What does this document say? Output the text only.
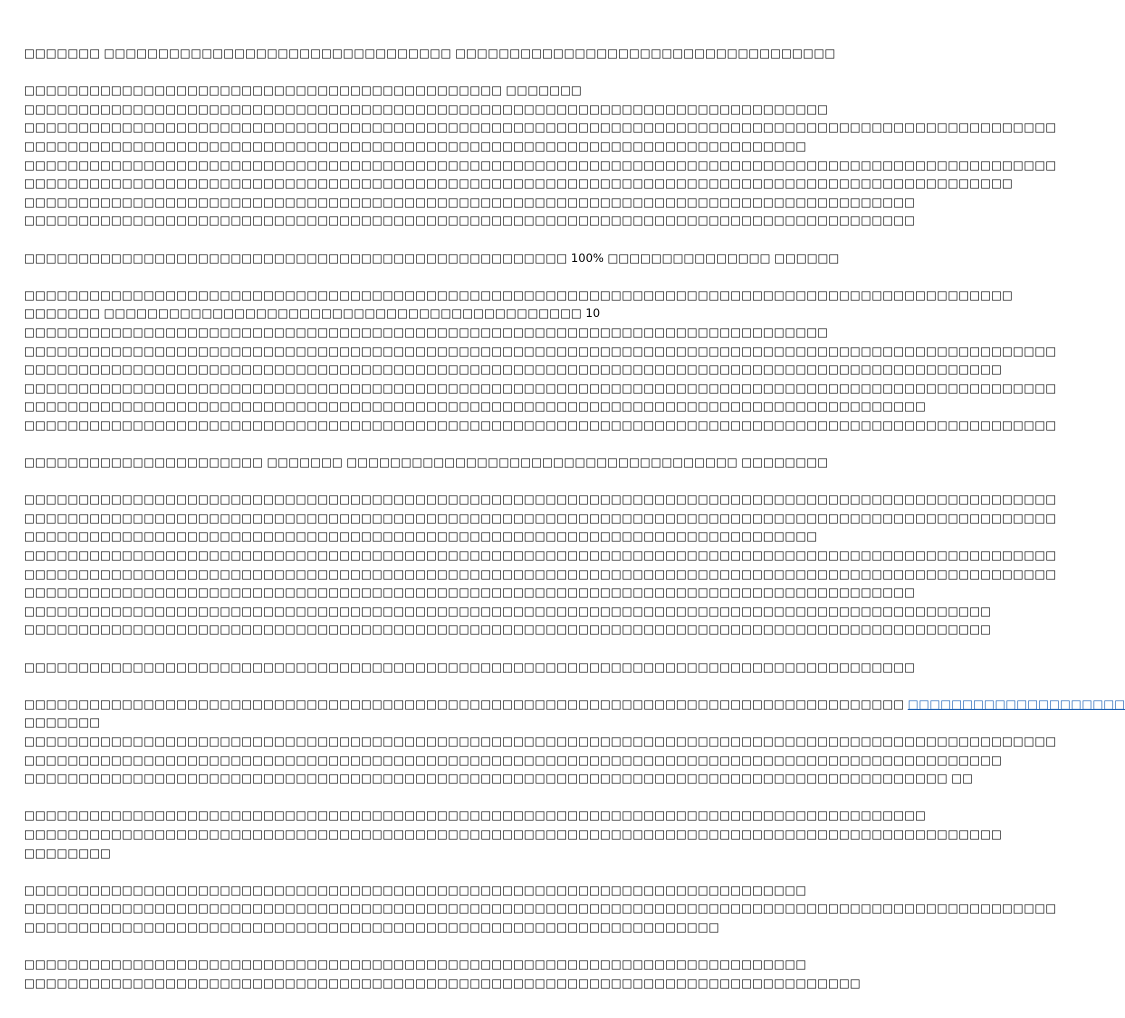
□□□□□□□ □□□□□□□□□□□□□□□□□□□□□□□□□□□□□□□□ □□□□□□□□□□□□□□□□□□□□□□□□□□□□□□□□□□□

□□□□□□□□□□□□□□□□□□□□□□□□□□□□□□□□□□□□□□□□□□□□ □□□□□□□
□□□□□□□□□□□□□□□□□□□□□□□□□□□□□□□□□□□□□□□□□□□□□□□□□□□□□□□□□□□□□□□□□□□□□□□□□□
□□□□□□□□□□□□□□□□□□□□□□□□□□□□□□□□□□□□□□□□□□□□□□□□□□□□□□□□□□□□□□□□□□□□□□□□□□□□□□□□□□□□□□□□□□□□□□□
□□□□□□□□□□□□□□□□□□□□□□□□□□□□□□□□□□□□□□□□□□□□□□□□□□□□□□□□□□□□□□□□□□□□□□□□
□□□□□□□□□□□□□□□□□□□□□□□□□□□□□□□□□□□□□□□□□□□□□□□□□□□□□□□□□□□□□□□□□□□□□□□□□□□□□□□□□□□□□□□□□□□□□□□
□□□□□□□□□□□□□□□□□□□□□□□□□□□□□□□□□□□□□□□□□□□□□□□□□□□□□□□□□□□□□□□□□□□□□□□□□□□□□□□□□□□□□□□□□□□
□□□□□□□□□□□□□□□□□□□□□□□□□□□□□□□□□□□□□□□□□□□□□□□□□□□□□□□□□□□□□□□□□□□□□□□□□□□□□□□□□□
□□□□□□□□□□□□□□□□□□□□□□□□□□□□□□□□□□□□□□□□□□□□□□□□□□□□□□□□□□□□□□□□□□□□□□□□□□□□□□□□□□

□□□□□□□□□□□□□□□□□□□□□□□□□□□□□□□□□□□□□□□□□□□□□□□□□□ 100% □□□□□□□□□□□□□□□ □□□□□□

□□□□□□□□□□□□□□□□□□□□□□□□□□□□□□□□□□□□□□□□□□□□□□□□□□□□□□□□□□□□□□□□□□□□□□□□□□□□□□□□□□□□□□□□□□□
□□□□□□□ □□□□□□□□□□□□□□□□□□□□□□□□□□□□□□□□□□□□□□□□□□□□ 10
□□□□□□□□□□□□□□□□□□□□□□□□□□□□□□□□□□□□□□□□□□□□□□□□□□□□□□□□□□□□□□□□□□□□□□□□□□
□□□□□□□□□□□□□□□□□□□□□□□□□□□□□□□□□□□□□□□□□□□□□□□□□□□□□□□□□□□□□□□□□□□□□□□□□□□□□□□□□□□□□□□□□□□□□□□
□□□□□□□□□□□□□□□□□□□□□□□□□□□□□□□□□□□□□□□□□□□□□□□□□□□□□□□□□□□□□□□□□□□□□□□□□□□□□□□□□□□□□□□□□□
□□□□□□□□□□□□□□□□□□□□□□□□□□□□□□□□□□□□□□□□□□□□□□□□□□□□□□□□□□□□□□□□□□□□□□□□□□□□□□□□□□□□□□□□□□□□□□□
□□□□□□□□□□□□□□□□□□□□□□□□□□□□□□□□□□□□□□□□□□□□□□□□□□□□□□□□□□□□□□□□□□□□□□□□□□□□□□□□□□□
□□□□□□□□□□□□□□□□□□□□□□□□□□□□□□□□□□□□□□□□□□□□□□□□□□□□□□□□□□□□□□□□□□□□□□□□□□□□□□□□□□□□□□□□□□□□□□□

□□□□□□□□□□□□□□□□□□□□□□ □□□□□□□ □□□□□□□□□□□□□□□□□□□□□□□□□□□□□□□□□□□□ □□□□□□□□

□□□□□□□□□□□□□□□□□□□□□□□□□□□□□□□□□□□□□□□□□□□□□□□□□□□□□□□□□□□□□□□□□□□□□□□□□□□□□□□□□□□□□□□□□□□□□□□
□□□□□□□□□□□□□□□□□□□□□□□□□□□□□□□□□□□□□□□□□□□□□□□□□□□□□□□□□□□□□□□□□□□□□□□□□□□□□□□□□□□□□□□□□□□□□□□
□□□□□□□□□□□□□□□□□□□□□□□□□□□□□□□□□□□□□□□□□□□□□□□□□□□□□□□□□□□□□□□□□□□□□□□□□
□□□□□□□□□□□□□□□□□□□□□□□□□□□□□□□□□□□□□□□□□□□□□□□□□□□□□□□□□□□□□□□□□□□□□□□□□□□□□□□□□□□□□□□□□□□□□□□
□□□□□□□□□□□□□□□□□□□□□□□□□□□□□□□□□□□□□□□□□□□□□□□□□□□□□□□□□□□□□□□□□□□□□□□□□□□□□□□□□□□□□□□□□□□□□□□
□□□□□□□□□□□□□□□□□□□□□□□□□□□□□□□□□□□□□□□□□□□□□□□□□□□□□□□□□□□□□□□□□□□□□□□□□□□□□□□□□□
□□□□□□□□□□□□□□□□□□□□□□□□□□□□□□□□□□□□□□□□□□□□□□□□□□□□□□□□□□□□□□□□□□□□□□□□□□□□□□□□□□□□□□□□□
□□□□□□□□□□□□□□□□□□□□□□□□□□□□□□□□□□□□□□□□□□□□□□□□□□□□□□□□□□□□□□□□□□□□□□□□□□□□□□□□□□□□□□□□□

□□□□□□□□□□□□□□□□□□□□□□□□□□□□□□□□□□□□□□□□□□□□□□□□□□□□□□□□□□□□□□□□□□□□□□□□□□□□□□□□□□

□□□□□□□□□□□□□□□□□□□□□□□□□□□□□□□□□□□□□□□□□□□□□□□□□□□□□□□□□□□□□□□□□□□□□□□□□□□□□□□□□ □□□□□□□□□□□□□□□□□□□□
□□□□□□□
□□□□□□□□□□□□□□□□□□□□□□□□□□□□□□□□□□□□□□□□□□□□□□□□□□□□□□□□□□□□□□□□□□□□□□□□□□□□□□□□□□□□□□□□□□□□□□□
□□□□□□□□□□□□□□□□□□□□□□□□□□□□□□□□□□□□□□□□□□□□□□□□□□□□□□□□□□□□□□□□□□□□□□□□□□□□□□□□□□□□□□□□□□
□□□□□□□□□□□□□□□□□□□□□□□□□□□□□□□□□□□□□□□□□□□□□□□□□□□□□□□□□□□□□□□□□□□□□□□□□□□□□□□□□□□□□ □□

□□□□□□□□□□□□□□□□□□□□□□□□□□□□□□□□□□□□□□□□□□□□□□□□□□□□□□□□□□□□□□□□□□□□□□□□□□□□□□□□□□□
□□□□□□□□□□□□□□□□□□□□□□□□□□□□□□□□□□□□□□□□□□□□□□□□□□□□□□□□□□□□□□□□□□□□□□□□□□□□□□□□□□□□□□□□□□
□□□□□□□□

□□□□□□□□□□□□□□□□□□□□□□□□□□□□□□□□□□□□□□□□□□□□□□□□□□□□□□□□□□□□□□□□□□□□□□□□
□□□□□□□□□□□□□□□□□□□□□□□□□□□□□□□□□□□□□□□□□□□□□□□□□□□□□□□□□□□□□□□□□□□□□□□□□□□□□□□□□□□□□□□□□□□□□□□
□□□□□□□□□□□□□□□□□□□□□□□□□□□□□□□□□□□□□□□□□□□□□□□□□□□□□□□□□□□□□□□□

□□□□□□□□□□□□□□□□□□□□□□□□□□□□□□□□□□□□□□□□□□□□□□□□□□□□□□□□□□□□□□□□□□□□□□□□
□□□□□□□□□□□□□□□□□□□□□□□□□□□□□□□□□□□□□□□□□□□□□□□□□□□□□□□□□□□□□□□□□□□□□□□□□□□□□
